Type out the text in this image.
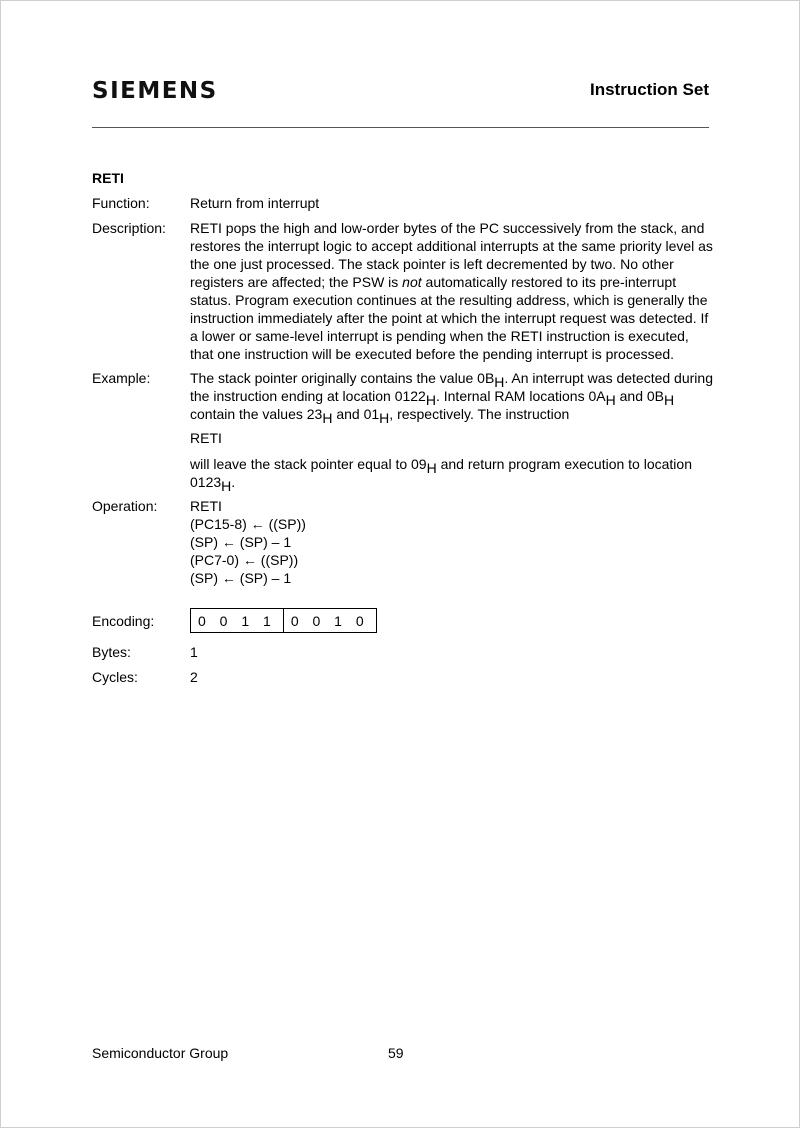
SIEMENS	Instruction Set
RETI
Function:	Return from interrupt
Description: RETI pops the high and low-order bytes of the PC successively from the stack, and restores the interrupt logic to accept additional interrupts at the same priority level as the one just processed. The stack pointer is left decremented by two. No other registers are affected; the PSW is not automatically restored to its pre-interrupt status. Program execution continues at the resulting address, which is generally the instruction immediately after the point at which the interrupt request was detected. If a lower or same-level interrupt is pending when the RETI instruction is executed, that one instruction will be executed before the pending interrupt is processed.
Example:	The stack pointer originally contains the value 0BH. An interrupt was detected during the instruction ending at location 0122H. Internal RAM locations 0AH and 0BH contain the values 23H and 01H, respectively. The instruction
RETI
will leave the stack pointer equal to 09H and return program execution to location 0123H.
Operation: RETI

(PC15-8) ← ((SP))

(SP) ← (SP) – 1

(PC7-0) ← ((SP))

(SP) ← (SP) – 1

Encoding:	0 0 1 1	0 0 1 0
Bytes:	1
Cycles:	2
Semiconductor Group	59
